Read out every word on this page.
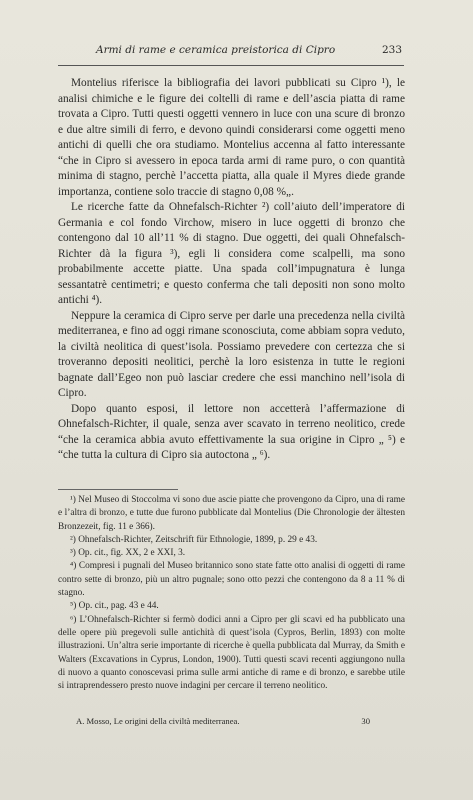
Armi di rame e ceramica preistorica di Cipro	233

Montelius riferisce la bibliografia dei lavori pubblicati su Cipro ¹), le analisi chimiche e le figure dei coltelli di rame e dell’ascia piatta di rame trovata a Cipro. Tutti questi oggetti vennero in luce con una scure di bronzo e due altre simili di ferro, e devono quindi considerarsi come oggetti meno antichi di quelli che ora studiamo. Montelius accenna al fatto interessante “che in Cipro si avessero in epoca tarda armi di rame puro, o con quantità minima di stagno, perchè l’accetta piatta, alla quale il Myres diede grande importanza, contiene solo traccie di stagno 0,08 %„.

Le ricerche fatte da Ohnefalsch-Richter ²) coll’aiuto dell’imperatore di Germania e col fondo Virchow, misero in luce oggetti di bronzo che contengono dal 10 all’11 % di stagno. Due oggetti, dei quali Ohnefalsch-Richter dà la figura ³), egli li considera come scalpelli, ma sono probabilmente accette piatte. Una spada coll’impugnatura è lunga sessantatrè centimetri; e questo conferma che tali depositi non sono molto antichi ⁴).

Neppure la ceramica di Cipro serve per darle una precedenza nella civiltà mediterranea, e fino ad oggi rimane sconosciuta, come abbiam sopra veduto, la civiltà neolitica di quest’isola. Possiamo prevedere con certezza che si troveranno depositi neolitici, perchè la loro esistenza in tutte le regioni bagnate dall’Egeo non può lasciar credere che essi manchino nell’isola di Cipro.

Dopo quanto esposi, il lettore non accetterà l’affermazione di Ohnefalsch-Richter, il quale, senza aver scavato in terreno neolitico, crede “che la ceramica abbia avuto effettivamente la sua origine in Cipro „ ⁵) e “che tutta la cultura di Cipro sia autoctona „ ⁶).

¹) Nel Museo di Stoccolma vi sono due ascie piatte che provengono da Cipro, una di rame e l’altra di bronzo, e tutte due furono pubblicate dal Montelius (Die Chronologie der ältesten Bronzezeit, fig. 11 e 366).

²) Ohnefalsch-Richter, Zeitschrift für Ethnologie, 1899, p. 29 e 43.

³) Op. cit., fig. XX, 2 e XXI, 3.

⁴) Compresi i pugnali del Museo britannico sono state fatte otto analisi di oggetti di rame contro sette di bronzo, più un altro pugnale; sono otto pezzi che contengono da 8 a 11 % di stagno.

⁵) Op. cit., pag. 43 e 44.

⁶) L’Ohnefalsch-Richter si fermò dodici anni a Cipro per gli scavi ed ha pubblicato una delle opere più pregevoli sulle antichità di quest’isola (Cypros, Berlin, 1893) con molte illustrazioni. Un’altra serie importante di ricerche è quella pubblicata dal Murray, da Smith e Walters (Excavations in Cyprus, London, 1900). Tutti questi scavi recenti aggiungono nulla di nuovo a quanto conoscevasi prima sulle armi antiche di rame e di bronzo, e sarebbe utile si intraprendessero presto nuove indagini per cercare il terreno neolitico.

A. Mosso, Le origini della civiltà mediterranea.	30
